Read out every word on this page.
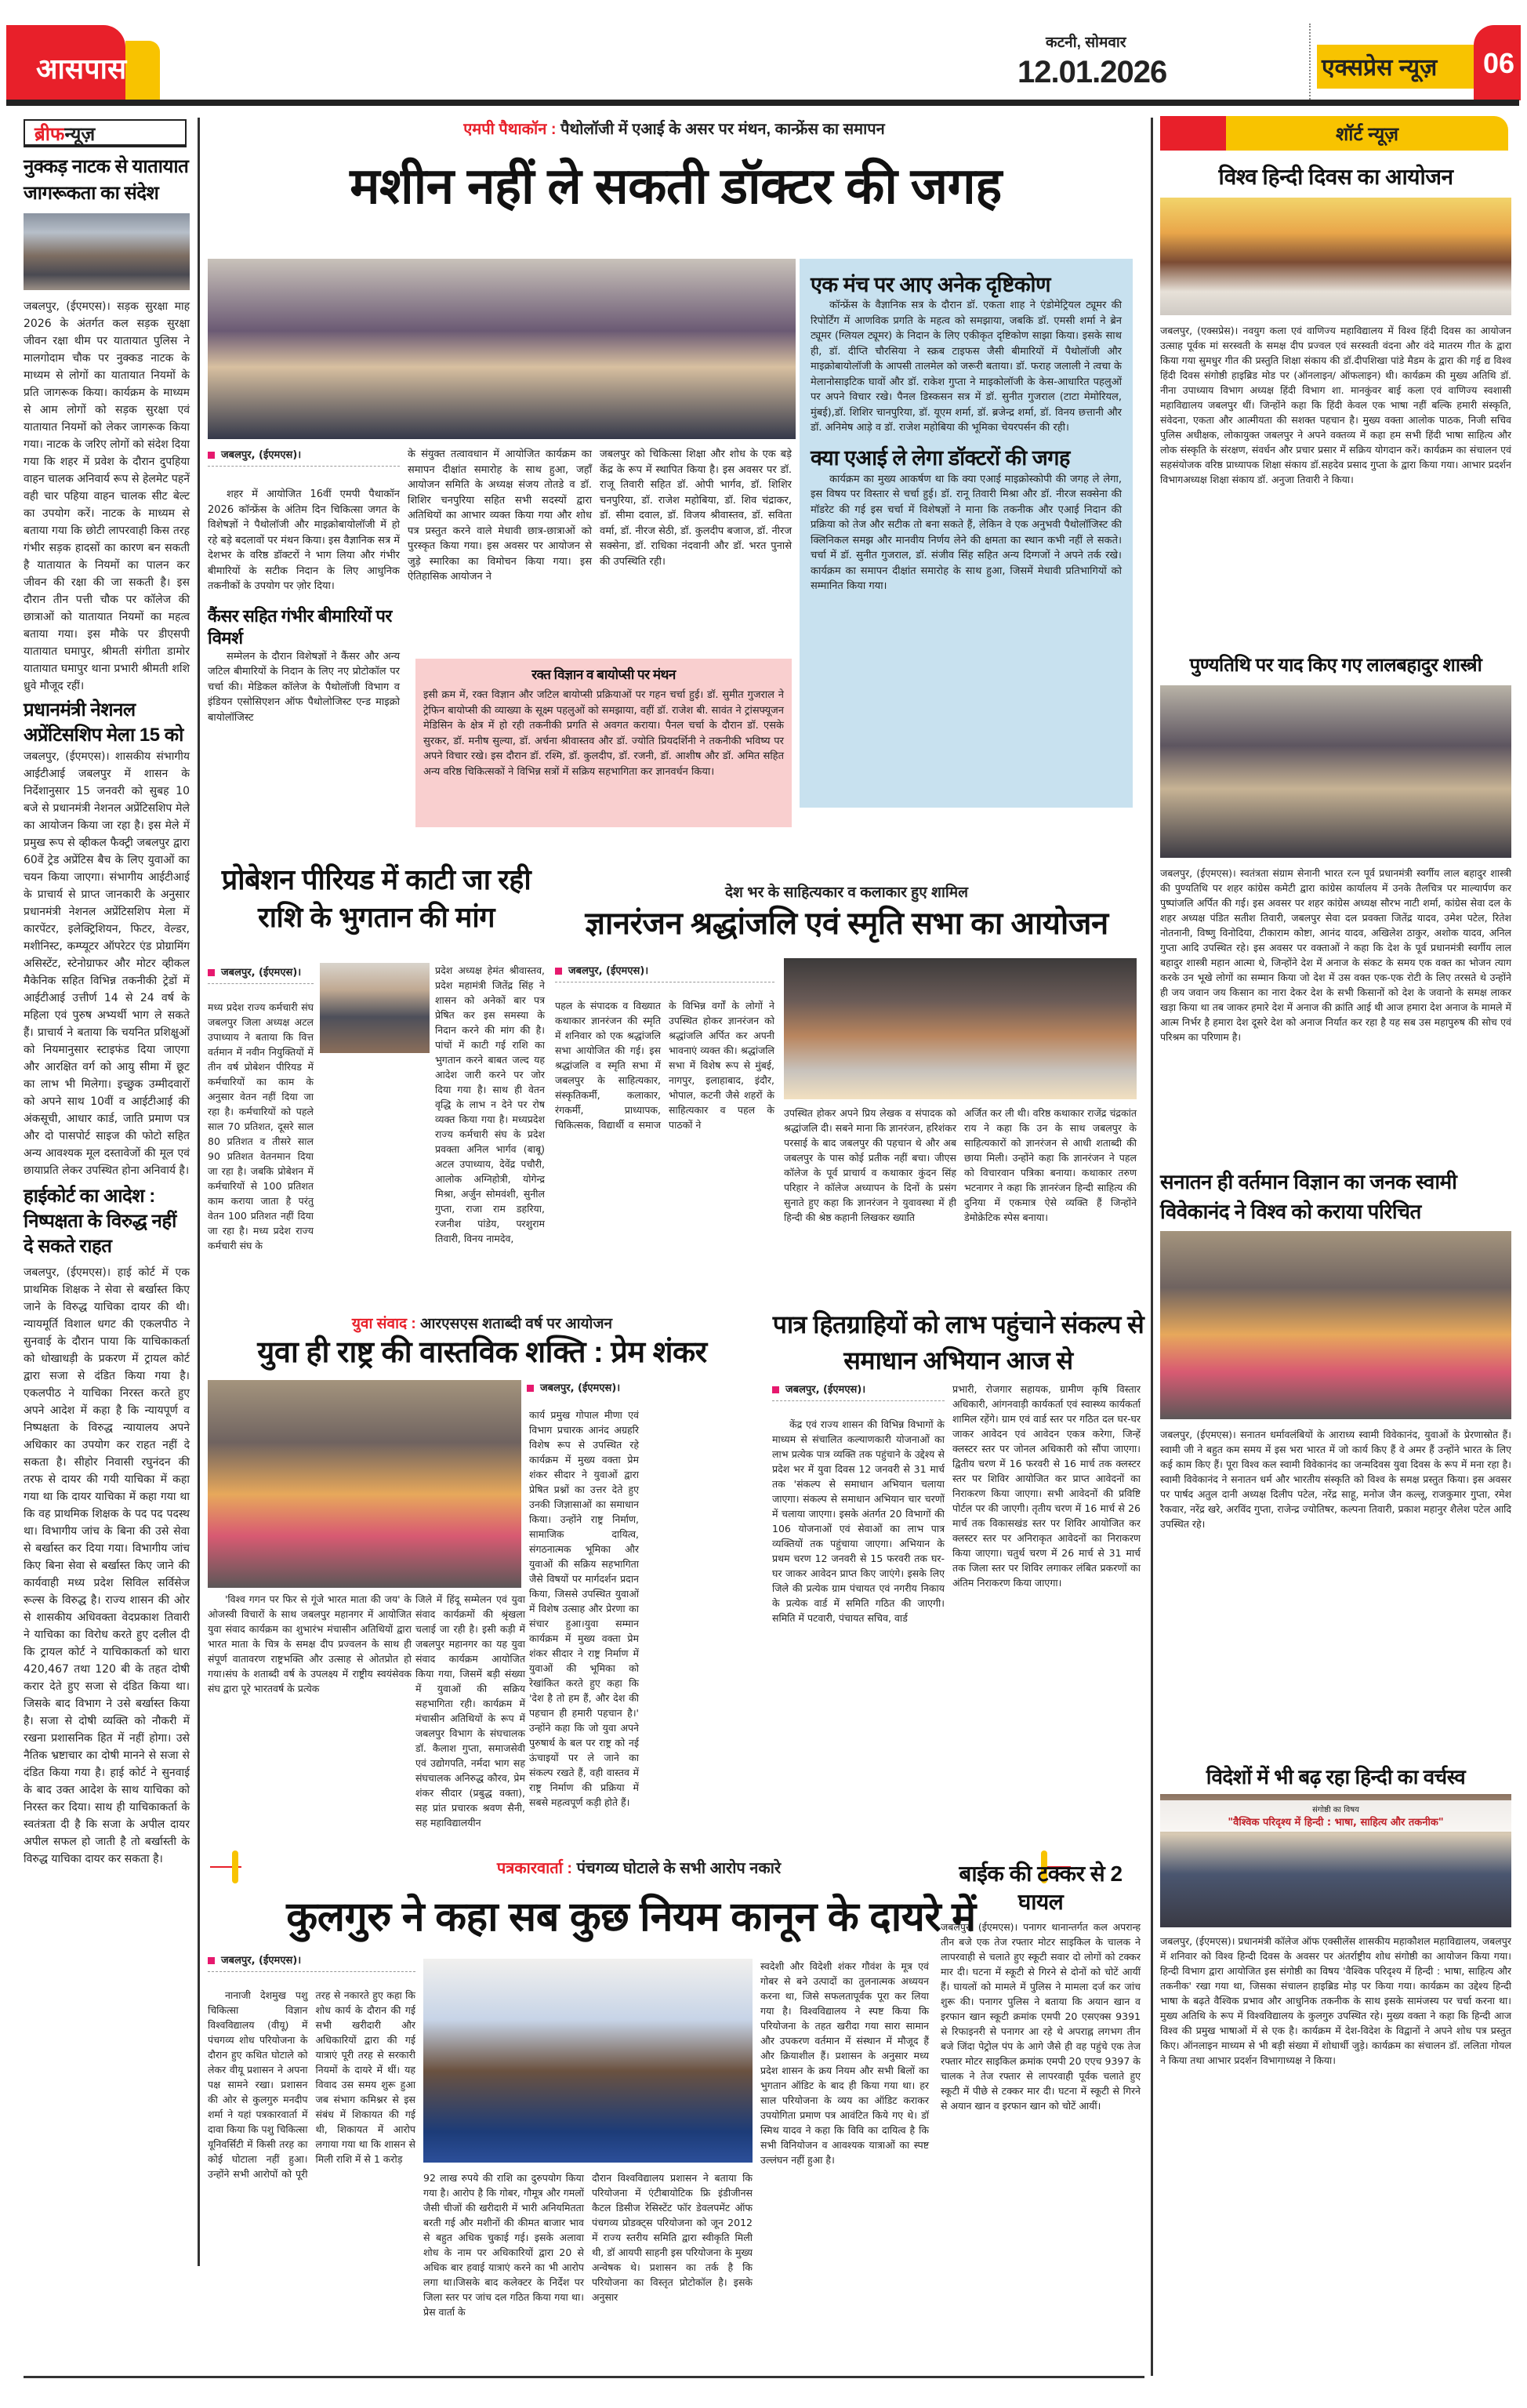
आसपास
कटनी, सोमवार
12.01.2026	एक्सप्रेस न्यूज़ 06
ब्रीफन्यूज़
नुक्कड़ नाटक से यातायात जागरूकता का संदेश
जबलपुर, (ईएमएस)। सड़क सुरक्षा माह 2026 के अंतर्गत कल सड़क सुरक्षा जीवन रक्षा थीम पर यातायात पुलिस ने मालगोदाम चौक पर नुक्कड नाटक के माध्यम से लोगों का यातायात नियमों के प्रति जागरूक किया। कार्यक्रम के माध्यम से आम लोगों को सड़क सुरक्षा एवं यातायात नियमों को लेकर जागरूक किया गया। नाटक के जरिए लोगों को संदेश दिया गया कि शहर में प्रवेश के दौरान दुपहिया वाहन चालक अनिवार्य रूप से हेलमेट पहनें वही चार पहिया वाहन चालक सीट बेल्ट का उपयोग करें। नाटक के माध्यम से बताया गया कि छोटी लापरवाही किस तरह गंभीर सड़क हादसों का कारण बन सकती है यातायात के नियमों का पालन कर जीवन की रक्षा की जा सकती है। इस दौरान तीन पत्ती चौक पर कॉलेज की छात्राओं को यातायात नियमों का महत्व बताया गया। इस मौके पर डीएसपी यातायात घमापुर, श्रीमती संगीता डामोर यातायात घमापुर थाना प्रभारी श्रीमती शशि ध्रुवे मौजूद रहीं।
प्रधानमंत्री नेशनल अप्रेंटिसशिप मेला 15 को
जबलपुर, (ईएमएस)। शासकीय संभागीय आईटीआई जबलपुर में शासन के निर्देशानुसार 15 जनवरी को सुबह 10 बजे से प्रधानमंत्री नेशनल अप्रेंटिसशिप मेले का आयोजन किया जा रहा है। इस मेले में प्रमुख रूप से व्हीकल फैक्ट्री जबलपुर द्वारा 60वें ट्रेड अप्रेंटिस बैच के लिए युवाओं का चयन किया जाएगा। संभागीय आईटीआई के प्राचार्य से प्राप्त जानकारी के अनुसार प्रधानमंत्री नेशनल अप्रेंटिसशिप मेला में कारपेंटर, इलेक्ट्रिशियन, फिटर, वेल्डर, मशीनिस्ट, कम्प्यूटर ऑपरेटर एंड प्रोग्रामिंग असिस्टेंट, स्टेनोग्राफर और मोटर व्हीकल मैकेनिक सहित विभिन्न तकनीकी ट्रेडों में आईटीआई उत्तीर्ण 14 से 24 वर्ष के महिला एवं पुरुष अभ्यर्थी भाग ले सकते हैं। प्राचार्य ने बताया कि चयनित प्रशिक्षुओं को नियमानुसार स्टाइफंड दिया जाएगा और आरक्षित वर्ग को आयु सीमा में छूट का लाभ भी मिलेगा। इच्छुक उम्मीदवारों को अपने साथ 10वीं व आईटीआई की अंकसूची, आधार कार्ड, जाति प्रमाण पत्र और दो पासपोर्ट साइज की फोटो सहित अन्य आवश्यक मूल दस्तावेजों की मूल एवं छायाप्रति लेकर उपस्थित होना अनिवार्य है।
हाईकोर्ट का आदेश : निष्पक्षता के विरुद्ध नहीं दे सकते राहत
जबलपुर, (ईएमएस)। हाई कोर्ट में एक प्राथमिक शिक्षक ने सेवा से बर्खास्त किए जाने के विरुद्ध याचिका दायर की थी। न्यायमूर्ति विशाल धगट की एकलपीठ ने सुनवाई के दौरान पाया कि याचिकाकर्ता को धोखाधड़ी के प्रकरण में ट्रायल कोर्ट द्वारा सजा से दंडित किया गया है। एकलपीठ ने याचिका निरस्त करते हुए अपने आदेश में कहा है कि न्यायपूर्ण व निष्पक्षता के विरुद्ध न्यायालय अपने अधिकार का उपयोग कर राहत नहीं दे सकता है। सीहोर निवासी रघुनंदन की तरफ से दायर की गयी याचिका में कहा गया था कि दायर याचिका में कहा गया था कि वह प्राथमिक शिक्षक के पद पद पदस्थ था। विभागीय जांच के बिना की उसे सेवा से बर्खास्त कर दिया गया। विभागीय जांच किए बिना सेवा से बर्खास्त किए जाने की कार्यवाही मध्य प्रदेश सिविल सर्विसेज रूल्स के विरुद्ध है। राज्य शासन की ओर से शासकीय अधिवक्ता वेदप्रकाश तिवारी ने याचिका का विरोध करते हुए दलील दी कि ट्रायल कोर्ट ने याचिकाकर्ता को धारा 420,467 तथा 120 बी के तहत दोषी करार देते हुए सजा से दंडित किया था। जिसके बाद विभाग ने उसे बर्खास्त किया है। सजा से दोषी व्यक्ति को नौकरी में रखना प्रशासनिक हित में नहीं होगा। उसे नैतिक भ्रष्टाचार का दोषी मानने से सजा से दंडित किया गया है। हाई कोर्ट ने सुनवाई के बाद उक्त आदेश के साथ याचिका को निरस्त कर दिया। साथ ही याचिकाकर्ता के स्वतंत्रता दी है कि सजा के अपील दायर अपील सफल हो जाती है तो बर्खास्ती के विरुद्ध याचिका दायर कर सकता है।
एमपी पैथाकॉन : पैथोलॉजी में एआई के असर पर मंथन, कान्फ्रेंस का समापन
मशीन नहीं ले सकती डॉक्टर की जगह
एक मंच पर आए अनेक दृष्टिकोण
कॉन्फ्रेंस के वैज्ञानिक सत्र के दौरान डॉ. एकता शाह ने एंडोमेट्रियल ट्यूमर की रिपोर्टिंग में आणविक प्रगति के महत्व को समझाया, जबकि डॉ. एमसी शर्मा ने ब्रेन ट्यूमर (ग्लियल ट्यूमर) के निदान के लिए एकीकृत दृष्टिकोण साझा किया। इसके साथ ही, डॉ. दीप्ति चौरसिया ने स्क्रब टाइफस जैसी बीमारियों में पैथोलॉजी और माइक्रोबायोलॉजी के आपसी तालमेल को जरूरी बताया। डॉ. फराह जलाली ने त्वचा के मेलानोसाइटिक घावों और डॉ. राकेश गुप्ता ने माइकोलॉजी के केस-आधारित पहलुओं पर अपने विचार रखे। पैनल डिस्कसन सत्र में डॉ. सुनीत गुजराल (टाटा मेमोरियल, मुंबई),डॉ. शिशिर चानपुरिया, डॉ. यूएम शर्मा, डॉ. ब्रजेन्द्र शर्मा, डॉ. विनय छत्तानी और डॉ. अनिमेष आड़े व डॉ. राजेश महोबिया की भूमिका चेयरपर्सन की रही।
क्या एआई ले लेगा डॉक्टरों की जगह
कार्यक्रम का मुख्य आकर्षण था कि क्या एआई माइक्रोस्कोपी की जगह ले लेगा, इस विषय पर विस्तार से चर्चा हुई। डॉ. रानू तिवारी मिश्रा और डॉ. नीरज सक्सेना की मॉडरेट की गई इस चर्चा में विशेषज्ञों ने माना कि तकनीक और एआई निदान की प्रक्रिया को तेज और सटीक तो बना सकते हैं, लेकिन वे एक अनुभवी पैथोलॉजिस्ट की क्लिनिकल समझ और मानवीय निर्णय लेने की क्षमता का स्थान कभी नहीं ले सकते। चर्चा में डॉ. सुनीत गुजराल, डॉ. संजीव सिंह सहित अन्य दिग्गजों ने अपने तर्क रखे। कार्यक्रम का समापन दीक्षांत समारोह के साथ हुआ, जिसमें मेधावी प्रतिभागियों को सम्मानित किया गया।
जबलपुर, (ईएमएस)।
शहर में आयोजित 16वीं एमपी पैथाकॉन 2026 कॉन्फ्रेंस के अंतिम दिन चिकित्सा जगत के विशेषज्ञों ने पैथोलॉजी और माइक्रोबायोलॉजी में हो रहे बड़े बदलावों पर मंथन किया। इस वैज्ञानिक सत्र में देशभर के वरिष्ठ डॉक्टरों ने भाग लिया और गंभीर बीमारियों के सटीक निदान के लिए आधुनिक तकनीकों के उपयोग पर ज़ोर दिया।
कैंसर सहित गंभीर बीमारियों पर विमर्श
सम्मेलन के दौरान विशेषज्ञों ने कैंसर और अन्य जटिल बीमारियों के निदान के लिए नए प्रोटोकॉल पर चर्चा की। मेडिकल कॉलेज के पैथोलॉजी विभाग व इंडियन एसोसिएशन ऑफ पैथोलोजिस्ट एन्ड माइक्रो बायोलॉजिस्ट
के संयुक्त तत्वावधान में आयोजित कार्यक्रम का समापन दीक्षांत समारोह के साथ हुआ, जहाँ आयोजन समिति के अध्यक्ष संजय तोतडे व डॉ. शिशिर चनपुरिया सहित सभी सदस्यों द्वारा अतिथियों का आभार व्यक्त किया गया और शोध पत्र प्रस्तुत करने वाले मेधावी छात्र-छात्राओं को पुरस्कृत किया गया। इस अवसर पर आयोजन से जुड़े स्मारिका का विमोचन किया गया। इस ऐतिहासिक आयोजन ने
जबलपुर को चिकित्सा शिक्षा और शोध के एक बड़े केंद्र के रूप में स्थापित किया है। इस अवसर पर डॉ. राजू तिवारी सहित डॉ. ओपी भार्गव, डॉ. शिशिर चनपुरिया, डॉ. राजेश महोबिया, डॉ. शिव चंद्राकर, डॉ. सीमा दवाल, डॉ. विजय श्रीवास्तव, डॉ. सविता वर्मा, डॉ. नीरज सेठी, डॉ. कुलदीप बजाज, डॉ. नीरज सक्सेना, डॉ. राधिका नंदवानी और डॉ. भरत पुनासे की उपस्थिति रही।
रक्त विज्ञान व बायोप्सी पर मंथन
इसी क्रम में, रक्त विज्ञान और जटिल बायोप्सी प्रक्रियाओं पर गहन चर्चा हुई। डॉ. सुमीत गुजराल ने ट्रेफिन बायोप्सी की व्याख्या के सूक्ष्म पहलुओं को समझाया, वहीं डॉ. राजेश बी. सावंत ने ट्रांसफ्यूजन मेडिसिन के क्षेत्र में हो रही तकनीकी प्रगति से अवगत कराया। पैनल चर्चा के दौरान डॉ. एसके सुरकर, डॉ. मनीष सुल्या, डॉ. अर्चना श्रीवास्तव और डॉ. ज्योति प्रियदर्शिनी ने तकनीकी भविष्य पर अपने विचार रखे। इस दौरान डॉ. रश्मि, डॉ. कुलदीप, डॉ. रजनी, डॉ. आशीष और डॉ. अमित सहित अन्य वरिष्ठ चिकित्सकों ने विभिन्न सत्रों में सक्रिय सहभागिता कर ज्ञानवर्धन किया।
प्रोबेशन पीरियड में काटी जा रही राशि के भुगतान की मांग
जबलपुर, (ईएमएस)।
मध्य प्रदेश राज्य कर्मचारी संघ जबलपुर जिला अध्यक्ष अटल उपाध्याय ने बताया कि वित्त वर्तमान में नवीन नियुक्तियों में तीन वर्ष प्रोबेशन पीरियड में कर्मचारियों का काम के अनुसार वेतन नहीं दिया जा रहा है। कर्मचारियों को पहले साल 70 प्रतिशत, दूसरे साल 80 प्रतिशत व तीसरे साल 90 प्रतिशत वेतनमान दिया जा रहा है। जबकि प्रोबेशन में कर्मचारियों से 100 प्रतिशत काम कराया जाता है परंतु वेतन 100 प्रतिशत नहीं दिया जा रहा है। मध्य प्रदेश राज्य कर्मचारी संघ के
प्रदेश अध्यक्ष हेमंत श्रीवास्तव, प्रदेश महामंत्री जितेंद्र सिंह ने शासन को अनेकों बार पत्र प्रेषित कर इस समस्या के निदान करने की मांग की है। पांचों में काटी गई राशि का भुगतान करने बाबत जल्द यह आदेश जारी करने पर जोर दिया गया है। साथ ही वेतन वृद्धि के लाभ न देने पर रोष व्यक्त किया गया है। मध्यप्रदेश राज्य कर्मचारी संघ के प्रदेश प्रवक्ता अनिल भार्गव (बाबू) अटल उपाध्याय, देवेंद्र पचौरी, आलोक अग्निहोत्री, योगेन्द्र मिश्रा, अर्जुन सोमवंशी, सुनील गुप्ता, राजा राम डहरिया, रजनीश पांडेय, परशुराम तिवारी, विनय नामदेव,
देश भर के साहित्यकार व कलाकार हुए शामिल
ज्ञानरंजन श्रद्धांजलि एवं स्मृति सभा का आयोजन
जबलपुर, (ईएमएस)।
पहल के संपादक व विख्यात कथाकार ज्ञानरंजन की स्मृति में शनिवार को एक श्रद्धांजलि सभा आयोजित की गई। इस श्रद्धांजलि व स्मृति सभा में जबलपुर के साहित्यकार, संस्कृतिकर्मी, कलाकार, रंगकर्मी, प्राध्यापक, चिकित्सक, विद्यार्थी व समाज के विभिन्न वर्गों के लोगों ने उपस्थित होकर ज्ञानरंजन को श्रद्धांजलि अर्पित कर अपनी भावनाएं व्यक्त की। श्रद्धांजलि सभा में विशेष रूप से मुंबई, नागपुर, इलाहाबाद, इंदौर, भोपाल, कटनी जैसे शहरों के साहित्यकार व पहल के पाठकों ने
उपस्थित होकर अपने प्रिय लेखक व संपादक को श्रद्धांजलि दी। सबने माना कि ज्ञानरंजन, हरिशंकर परसाई के बाद जबलपुर की पहचान थे और अब जबलपुर के पास कोई प्रतीक नहीं बचा। जीएस कॉलेज के पूर्व प्राचार्य व कथाकार कुंदन सिंह परिहार ने कॉलेज अध्यापन के दिनों के प्रसंग सुनाते हुए कहा कि ज्ञानरंजन ने युवावस्था में ही हिन्दी की श्रेष्ठ कहानी लिखकर ख्याति
अर्जित कर ली थी। वरिष्ठ कथाकार राजेंद्र चंद्रकांत राय ने कहा कि उन के साथ जबलपुर के साहित्यकारों को ज्ञानरंजन से आधी शताब्दी की छाया मिली। उन्होंने कहा कि ज्ञानरंजन ने पहल को विचारवान पत्रिका बनाया। कथाकार तरुण भटनागर ने कहा कि ज्ञानरंजन हिन्दी साहित्य की दुनिया में एकमात्र ऐसे व्यक्ति हैं जिन्होंने डेमोक्रेटिक स्पेस बनाया।
युवा संवाद : आरएसएस शताब्दी वर्ष पर आयोजन
युवा ही राष्ट्र की वास्तविक शक्ति : प्रेम शंकर
जबलपुर, (ईएमएस)।
'विश्व गगन पर फिर से गूंजे भारत माता की जय' के ओजस्वी विचारों के साथ जबलपुर महानगर में आयोजित युवा संवाद कार्यक्रम का शुभारंभ मंचासीन अतिथियों द्वारा भारत माता के चित्र के समक्ष दीप प्रज्वलन के साथ ही संपूर्ण वातावरण राष्ट्रभक्ति और उत्साह से ओतप्रोत हो गया।संघ के शताब्दी वर्ष के उपलक्ष्य में राष्ट्रीय स्वयंसेवक संघ द्वारा पूरे भारतवर्ष के प्रत्येक
जिले में हिंदू सम्मेलन एवं युवा संवाद कार्यक्रमों की श्रृंखला चलाई जा रही है। इसी कड़ी में जबलपुर महानगर का यह युवा संवाद कार्यक्रम आयोजित किया गया, जिसमें बड़ी संख्या में युवाओं की सक्रिय सहभागिता रही। कार्यक्रम में मंचासीन अतिथियों के रूप में जबलपुर विभाग के संघचालक डॉ. कैलाश गुप्ता, समाजसेवी एवं उद्योगपति, नर्मदा भाग सह संघचालक अनिरुद्ध कौरव, प्रेम शंकर सीदार (प्रबुद्ध वक्ता), सह प्रांत प्रचारक श्रवण सैनी, सह महाविद्यालयीन
कार्य प्रमुख गोपाल मीणा एवं विभाग प्रचारक आनंद अग्रहरि विशेष रूप से उपस्थित रहे कार्यक्रम में मुख्य वक्ता प्रेम शंकर सीदार ने युवाओं द्वारा प्रेषित प्रश्नों का उत्तर देते हुए उनकी जिज्ञासाओं का समाधान किया। उन्होंने राष्ट्र निर्माण, सामाजिक दायित्व, संगठनात्मक भूमिका और युवाओं की सक्रिय सहभागिता जैसे विषयों पर मार्गदर्शन प्रदान किया, जिससे उपस्थित युवाओं में विशेष उत्साह और प्रेरणा का संचार हुआ।युवा सम्मान कार्यक्रम में मुख्य वक्ता प्रेम शंकर सीदार ने राष्ट्र निर्माण में युवाओं की भूमिका को रेखांकित करते हुए कहा कि 'देश है तो हम हैं, और देश की पहचान ही हमारी पहचान है।' उन्होंने कहा कि जो युवा अपने पुरुषार्थ के बल पर राष्ट्र को नई ऊंचाइयों पर ले जाने का संकल्प रखते हैं, वही वास्तव में राष्ट्र निर्माण की प्रक्रिया में सबसे महत्वपूर्ण कड़ी होते हैं।
पात्र हितग्राहियों को लाभ पहुंचाने संकल्प से समाधान अभियान आज से
जबलपुर, (ईएमएस)।
केंद्र एवं राज्य शासन की विभिन्न विभागों के माध्यम से संचालित कल्याणकारी योजनाओं का लाभ प्रत्येक पात्र व्यक्ति तक पहुंचाने के उद्देश्य से प्रदेश भर में युवा दिवस 12 जनवरी से 31 मार्च तक 'संकल्प से समाधान अभियान चलाया जाएगा। संकल्प से समाधान अभियान चार चरणों में चलाया जाएगा। इसके अंतर्गत 20 विभागों की 106 योजनाओं एवं सेवाओं का लाभ पात्र व्यक्तियों तक पहुंचाया जाएगा। अभियान के प्रथम चरण 12 जनवरी से 15 फरवरी तक घर-घर जाकर आवेदन प्राप्त किए जाएंगे। इसके लिए जिले की प्रत्येक ग्राम पंचायत एवं नगरीय निकाय के प्रत्येक वार्ड में समिति गठित की जाएगी। समिति में पटवारी, पंचायत सचिव, वार्ड
प्रभारी, रोजगार सहायक, ग्रामीण कृषि विस्तार अधिकारी, आंगनवाड़ी कार्यकर्ता एवं स्वास्थ्य कार्यकर्ता शामिल रहेंगे। ग्राम एवं वार्ड स्तर पर गठित दल घर-घर जाकर आवेदन एवं आवेदन एकत्र करेगा, जिन्हें क्लस्टर स्तर पर जोनल अधिकारी को सौंपा जाएगा। द्वितीय चरण में 16 फरवरी से 16 मार्च तक क्लस्टर स्तर पर शिविर आयोजित कर प्राप्त आवेदनों का निराकरण किया जाएगा। सभी आवेदनों की प्रविष्टि पोर्टल पर की जाएगी। तृतीय चरण में 16 मार्च से 26 मार्च तक विकासखंड स्तर पर शिविर आयोजित कर क्लस्टर स्तर पर अनिराकृत आवेदनों का निराकरण किया जाएगा। चतुर्थ चरण में 26 मार्च से 31 मार्च तक जिला स्तर पर शिविर लगाकर लंबित प्रकरणों का अंतिम निराकरण किया जाएगा।
पत्रकारवार्ता : पंचगव्य घोटाले के सभी आरोप नकारे
कुलगुरु ने कहा सब कुछ नियम कानून के दायरे में
जबलपुर, (ईएमएस)।
नानाजी देशमुख पशु चिकित्सा विज्ञान विश्वविद्यालय (वीयू) में पंचगव्य शोध परियोजना के दौरान हुए कथित घोटाले को लेकर वीयू प्रशासन ने अपना पक्ष सामने रखा। प्रशासन की ओर से कुलगुरु मनदीप शर्मा ने यहां पत्रकारवार्ता में दावा किया कि पशु चिकित्सा यूनिवर्सिटी में किसी तरह का कोई घोटाला नहीं हुआ। उन्होंने सभी आरोपों को पूरी तरह से नकारते हुए कहा कि शोध कार्य के दौरान की गई सभी खरीदारी और अधिकारियों द्वारा की गई यात्राएं पूरी तरह से सरकारी नियमों के दायरे में थीं। यह विवाद उस समय शुरू हुआ जब संभाग कमिश्नर से इस संबंध में शिकायत की गई थी, शिकायत में आरोप लगाया गया था कि शासन से मिली राशि में से 1 करोड़
92 लाख रुपये की राशि का दुरुपयोग किया गया है। आरोप है कि गोबर, गौमूत्र और गमलों जैसी चीजों की खरीदारी में भारी अनियमितता बरती गई और मशीनों की कीमत बाजार भाव से बहुत अधिक चुकाई गई। इसके अलावा शोध के नाम पर अधिकारियों द्वारा 20 से अधिक बार हवाई यात्राएं करने का भी आरोप लगा था।जिसके बाद कलेक्टर के निर्देश पर जिला स्तर पर जांच दल गठित किया गया था। प्रेस वार्ता के
दौरान विश्वविद्यालय प्रशासन ने बताया कि परियोजना में एंटीबायोटिक फ्रि इंडीजीनस कैटल डिसीज रेसिस्टेंट फॉर डेवलपमेंट ऑफ पंचगव्य प्रोडक्ट्स परियोजना को जून 2012 में राज्य स्तरीय समिति द्वारा स्वीकृति मिली थी, डॉ आयपी साहनी इस परियोजना के मुख्य अन्वेषक थे। प्रशासन का तर्क है कि परियोजना का विस्तृत प्रोटोकॉल है। इसके अनुसार
स्वदेशी और विदेशी शंकर गौवंश के मूत्र एवं गोबर से बने उत्पादों का तुलनात्मक अध्ययन करना था, जिसे सफलतापूर्वक पूरा कर लिया गया है। विश्वविद्यालय ने स्पष्ट किया कि परियोजना के तहत खरीदा गया सारा सामान और उपकरण वर्तमान में संस्थान में मौजूद हैं और क्रियाशील हैं। प्रशासन के अनुसार मध्य प्रदेश शासन के क्रय नियम और सभी बिलों का भुगतान ऑडिट के बाद ही किया गया था। हर साल परियोजना के व्यय का ऑडिट कराकर उपयोगिता प्रमाण पत्र आवंटित किये गए थे। डॉ स्मिथ यादव ने कहा कि विवि का दायित्व है कि सभी विनियोजन व आवश्यक यात्राओं का स्पष्ट उल्लंघन नहीं हुआ है।
बाईक की टक्कर से 2 घायल
जबलपुर, (ईएमएस)। पनागर थानान्तर्गत कल अपरान्ह तीन बजे एक तेज रफ्तार मोटर साइकिल के चालक ने लापरवाही से चलाते हुए स्कूटी सवार दो लोगों को टक्कर मार दी। घटना में स्कूटी से गिरने से दोनों को चोटें आयीं हैं। घायलों को मामले में पुलिस ने मामला दर्ज कर जांच शुरू की। पनागर पुलिस ने बताया कि अयान खान व इरफान खान स्कूटी क्रमांक एमपी 20 एसएक्स 9391 से रिफाइनरी से पनागर आ रहे थे अपराह्न लगभग तीन बजे जिंदा पेट्रोल पंप के आगे जैसे ही वह पहुंचे एक तेज रफ्तार मोटर साइकिल क्रमांक एमपी 20 एएच 9397 के चालक ने तेज रफ्तार से लापरवाही पूर्वक चलाते हुए स्कूटी में पीछे से टक्कर मार दी। घटना में स्कूटी से गिरने से अयान खान व इरफान खान को चोटें आयीं।
शॉर्ट न्यूज़
विश्व हिन्दी दिवस का आयोजन
जबलपुर, (एक्सप्रेस)। नवयुग कला एवं वाणिज्य महाविद्यालय में विश्व हिंदी दिवस का आयोजन उत्साह पूर्वक मां सरस्वती के समक्ष दीप प्रज्वल एवं सरस्वती वंदना और वंदे मातरम गीत के द्वारा किया गया सुमधुर गीत की प्रस्तुति शिक्षा संकाय की डॉ.दीपशिखा पांडे मैडम के द्वारा की गई द्य विश्व हिंदी दिवस संगोष्ठी हाइब्रिड मोड पर (ऑनलाइन/ ऑफलाइन) थी। कार्यक्रम की मुख्य अतिथि डॉ. नीना उपाध्याय विभाग अध्यक्ष हिंदी विभाग शा. मानकुंवर बाई कला एवं वाणिज्य स्वशासी महाविद्यालय जबलपुर थीं। जिन्होंने कहा कि हिंदी केवल एक भाषा नहीं बल्कि हमारी संस्कृति, संवेदना, एकता और आत्मीयता की सशक्त पहचान है। मुख्य वक्ता आलोक पाठक, निजी सचिव पुलिस अधीक्षक, लोकायुक्त जबलपुर ने अपने वक्तव्य में कहा हम सभी हिंदी भाषा साहित्य और लोक संस्कृति के संरक्षण, संवर्धन और प्रचार प्रसार में सक्रिय योगदान करें। कार्यक्रम का संचालन एवं सहसंयोजक वरिष्ठ प्राध्यापक शिक्षा संकाय डॉ.सहदेव प्रसाद गुप्ता के द्वारा किया गया। आभार प्रदर्शन विभागअध्यक्ष शिक्षा संकाय डॉ. अनुजा तिवारी ने किया।
पुण्यतिथि पर याद किए गए लालबहादुर शास्त्री
जबलपुर, (ईएमएस)। स्वतंत्रता संग्राम सेनानी भारत रत्न पूर्व प्रधानमंत्री स्वर्गीय लाल बहादुर शास्त्री की पुण्यतिथि पर शहर कांग्रेस कमेटी द्वारा कांग्रेस कार्यालय में उनके तैलचित्र पर माल्यार्पण कर पुष्पांजलि अर्पित की गई। इस अवसर पर शहर कांग्रेस अध्यक्ष सौरभ नाटी शर्मा, कांग्रेस सेवा दल के शहर अध्यक्ष पंडित सतीश तिवारी, जबलपुर सेवा दल प्रवक्ता जितेंद्र यादव, उमेश पटेल, रितेश नोतनानी, विष्णु विनोदिया, टीकाराम कोष्टा, आनंद यादव, अखिलेश ठाकुर, अशोक यादव, अनिल गुप्ता आदि उपस्थित रहे। इस अवसर पर वक्ताओं ने कहा कि देश के पूर्व प्रधानमंत्री स्वर्गीय लाल बहादुर शास्त्री महान आत्मा थे, जिन्होंने देश में अनाज के संकट के समय एक वक्त का भोजन त्याग करके उन भूखे लोगों का सम्मान किया जो देश में उस वक्त एक-एक रोटी के लिए तरसते थे उन्होंने ही जय जवान जय किसान का नारा देकर देश के सभी किसानों को देश के जवानो के समक्ष लाकर खड़ा किया था तब जाकर हमारे देश में अनाज की क्रांति आई थी आज हमारा देश अनाज के मामले में आत्म निर्भर है हमारा देश दूसरे देश को अनाज निर्यात कर रहा है यह सब उस महापुरुष की सोच एवं परिश्रम का परिणाम है।
सनातन ही वर्तमान विज्ञान का जनक स्वामी विवेकानंद ने विश्व को कराया परिचित
जबलपुर, (ईएमएस)। सनातन धर्मावलंबियों के आराध्य स्वामी विवेकानंद, युवाओं के प्रेरणास्रोत हैं। स्वामी जी ने बहुत कम समय में इस भरा भारत में जो कार्य किए हैं वे अमर हैं उन्होंने भारत के लिए कई काम किए हैं। पूरा विश्व कल स्वामी विवेकानंद का जन्मदिवस युवा दिवस के रूप में मना रहा है। स्वामी विवेकानंद ने सनातन धर्म और भारतीय संस्कृति को विश्व के समक्ष प्रस्तुत किया। इस अवसर पर पार्षद अतुल दानी अध्यक्ष दिलीप पटेल, नरेंद्र साहू, मनोज जैन कल्लू, राजकुमार गुप्ता, रमेश रैकवार, नरेंद्र खरे, अरविंद गुप्ता, राजेन्द्र ज्योतिषर, कल्पना तिवारी, प्रकाश महानुर शैलेश पटेल आदि उपस्थित रहे।
विदेशों में भी बढ़ रहा हिन्दी का वर्चस्व
संगोष्ठी का विषय
"वैश्विक परिदृश्य में हिन्दी : भाषा, साहित्य और तकनीक"
जबलपुर, (ईएमएस)। प्रधानमंत्री कॉलेज ऑफ एक्सीलेंस शासकीय महाकौशल महाविद्यालय, जबलपुर में शनिवार को विश्व हिन्दी दिवस के अवसर पर अंतर्राष्ट्रीय शोध संगोष्ठी का आयोजन किया गया। हिन्दी विभाग द्वारा आयोजित इस संगोष्ठी का विषय 'वैश्विक परिदृश्य में हिन्दी : भाषा, साहित्य और तकनीक' रखा गया था, जिसका संचालन हाइब्रिड मोड़ पर किया गया। कार्यक्रम का उद्देश्य हिन्दी भाषा के बढ़ते वैश्विक प्रभाव और आधुनिक तकनीक के साथ इसके सामंजस्य पर चर्चा करना था। मुख्य अतिथि के रूप में विश्वविद्यालय के कुलगुरु उपस्थित रहे। मुख्य वक्ता ने कहा कि हिन्दी आज विश्व की प्रमुख भाषाओं में से एक है। कार्यक्रम में देश-विदेश के विद्वानों ने अपने शोध पत्र प्रस्तुत किए। ऑनलाइन माध्यम से भी बड़ी संख्या में शोधार्थी जुड़े। कार्यक्रम का संचालन डॉ. ललिता गोयल ने किया तथा आभार प्रदर्शन विभागाध्यक्ष ने किया।
